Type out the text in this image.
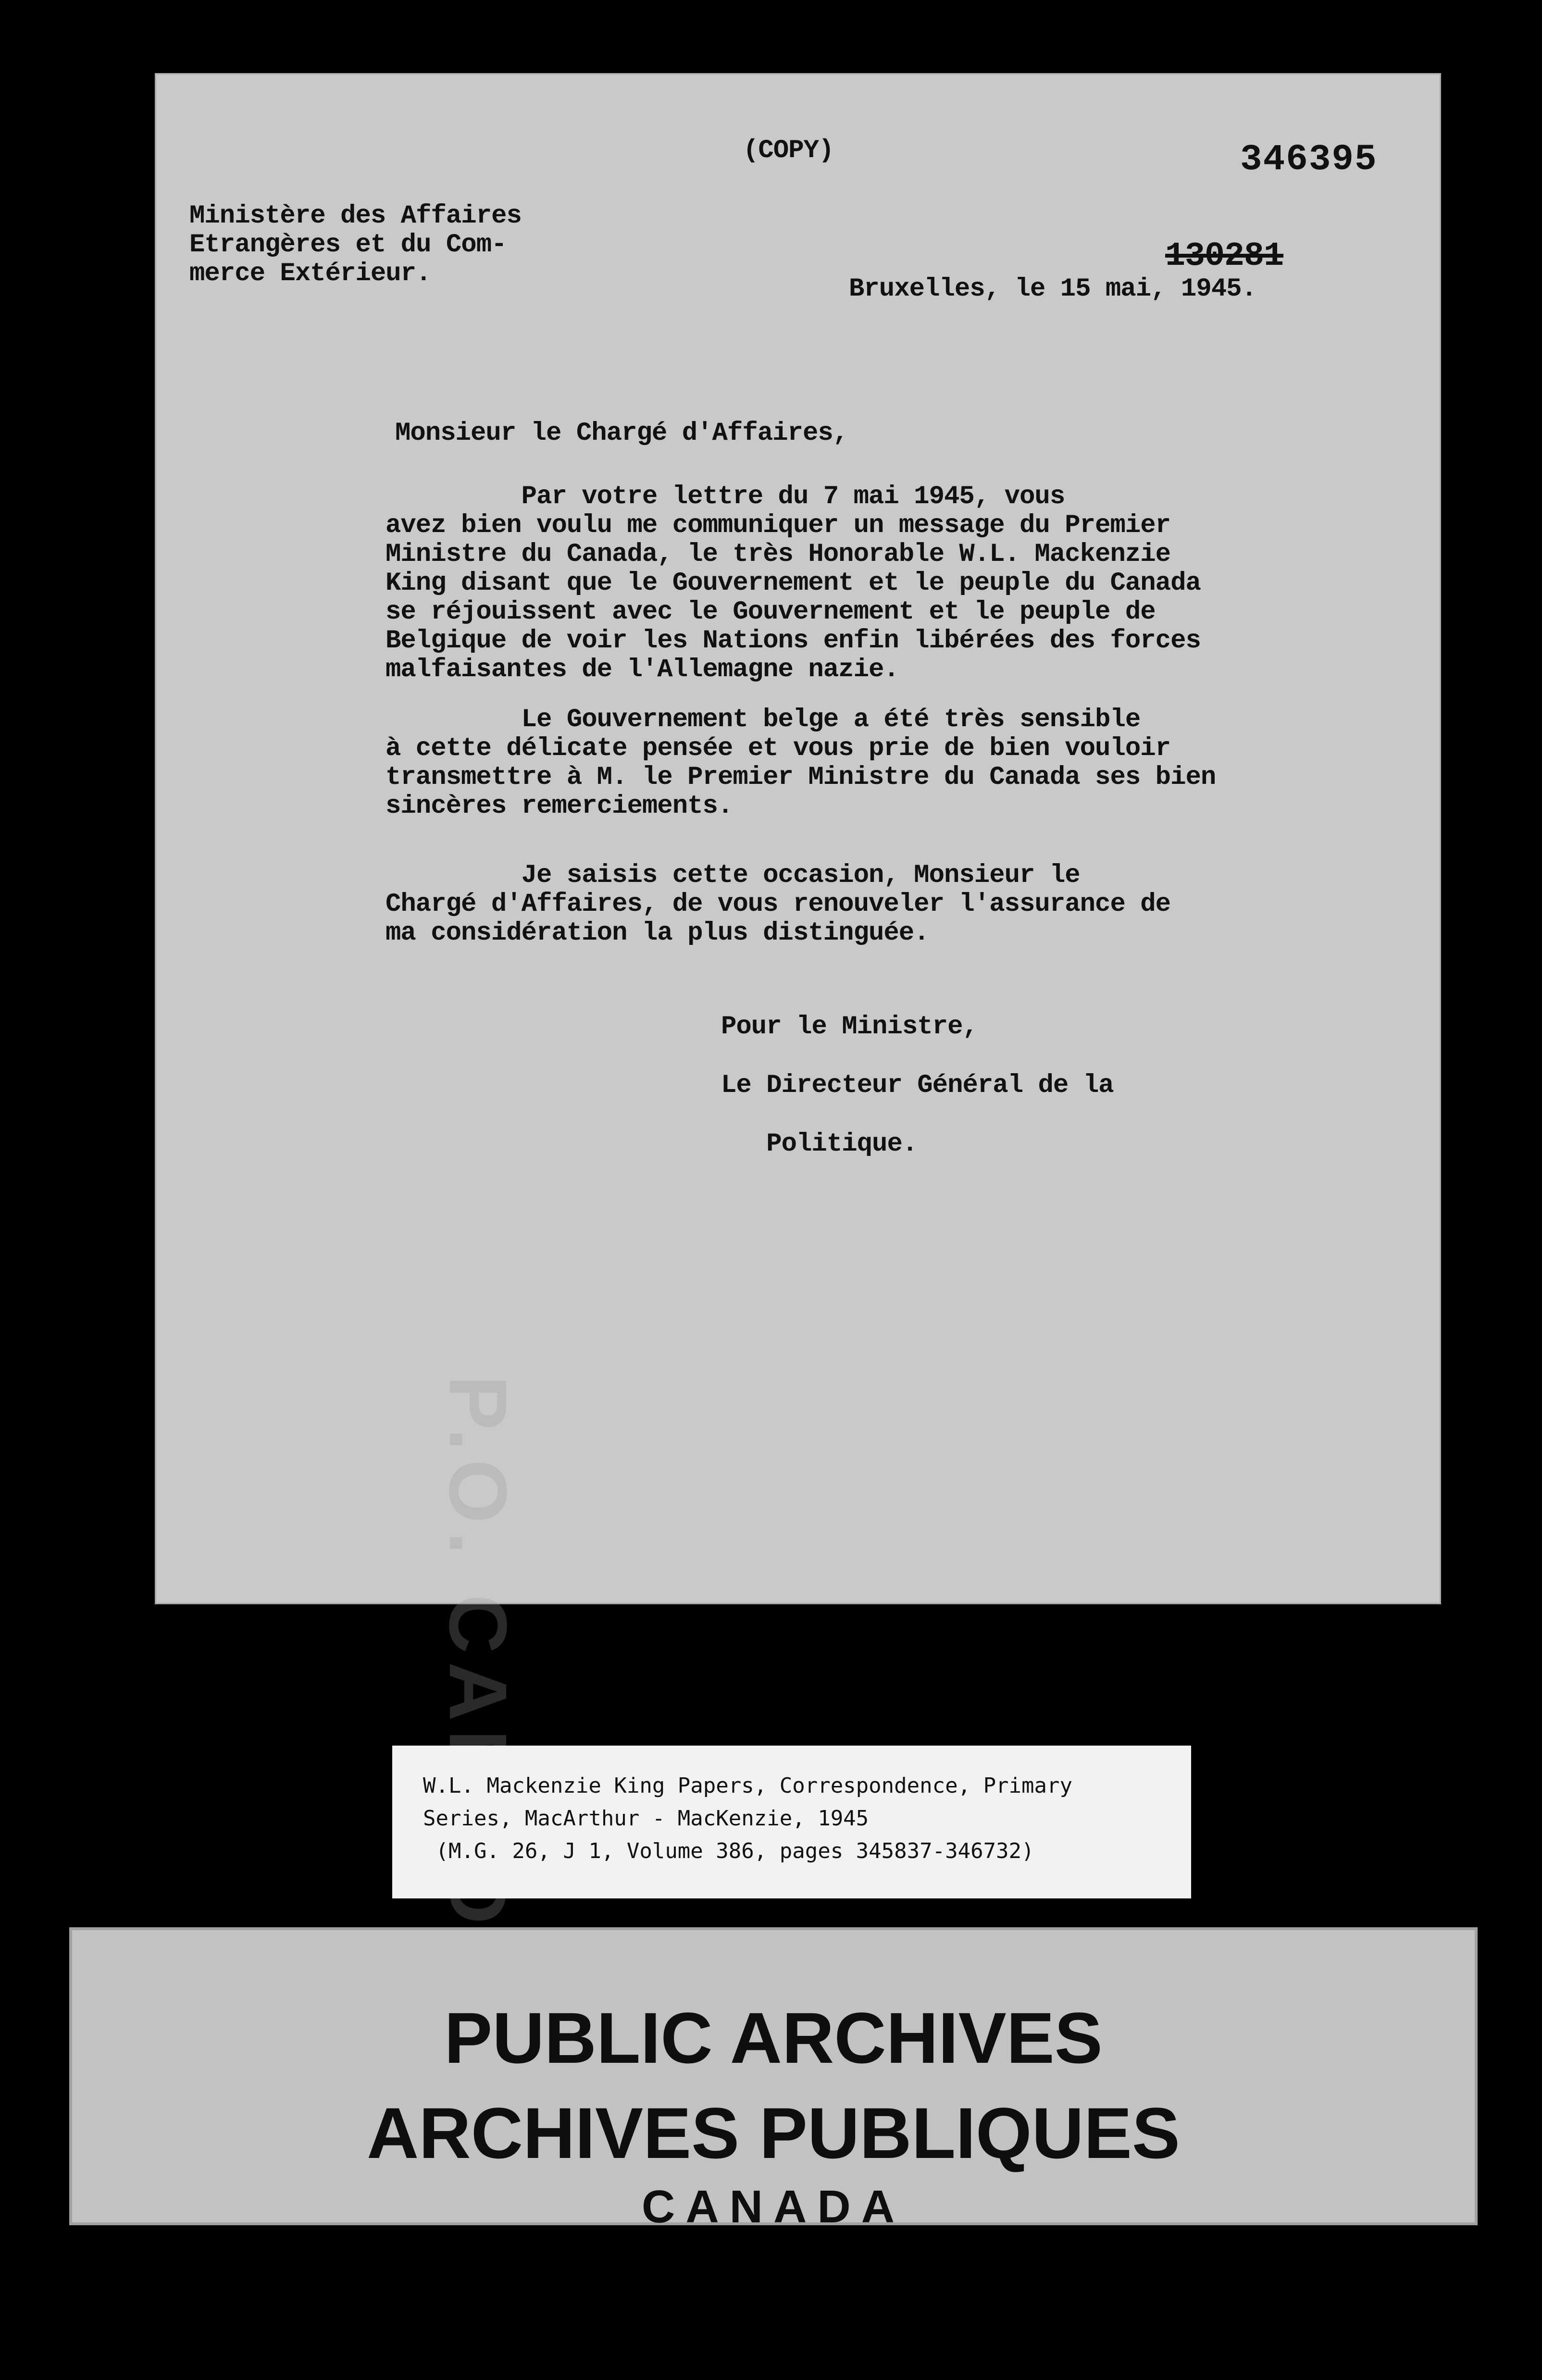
(COPY)	346395
130281
Ministère des Affaires
Etrangères et du Com-
merce Extérieur.
Bruxelles, le 15 mai, 1945.
Monsieur le Chargé d'Affaires,
Par votre lettre du 7 mai 1945, vous
avez bien voulu me communiquer un message du Premier
Ministre du Canada, le très Honorable W.L. Mackenzie
King disant que le Gouvernement et le peuple du Canada
se réjouissent avec le Gouvernement et le peuple de
Belgique de voir les Nations enfin libérées des forces
malfaisantes de l'Allemagne nazie.
Le Gouvernement belge a été très sensible
à cette délicate pensée et vous prie de bien vouloir
transmettre à M. le Premier Ministre du Canada ses bien
sincères remerciements.
Je saisis cette occasion, Monsieur le
Chargé d'Affaires, de vous renouveler l'assurance de
ma considération la plus distinguée.
Pour le Ministre,
Le Directeur Général de la
Politique.
W.L. Mackenzie King Papers, Correspondence, Primary
Series, MacArthur - MacKenzie, 1945
(M.G. 26, J 1, Volume 386, pages 345837-346732)
PUBLIC ARCHIVES
ARCHIVES PUBLIQUES
CANADA
